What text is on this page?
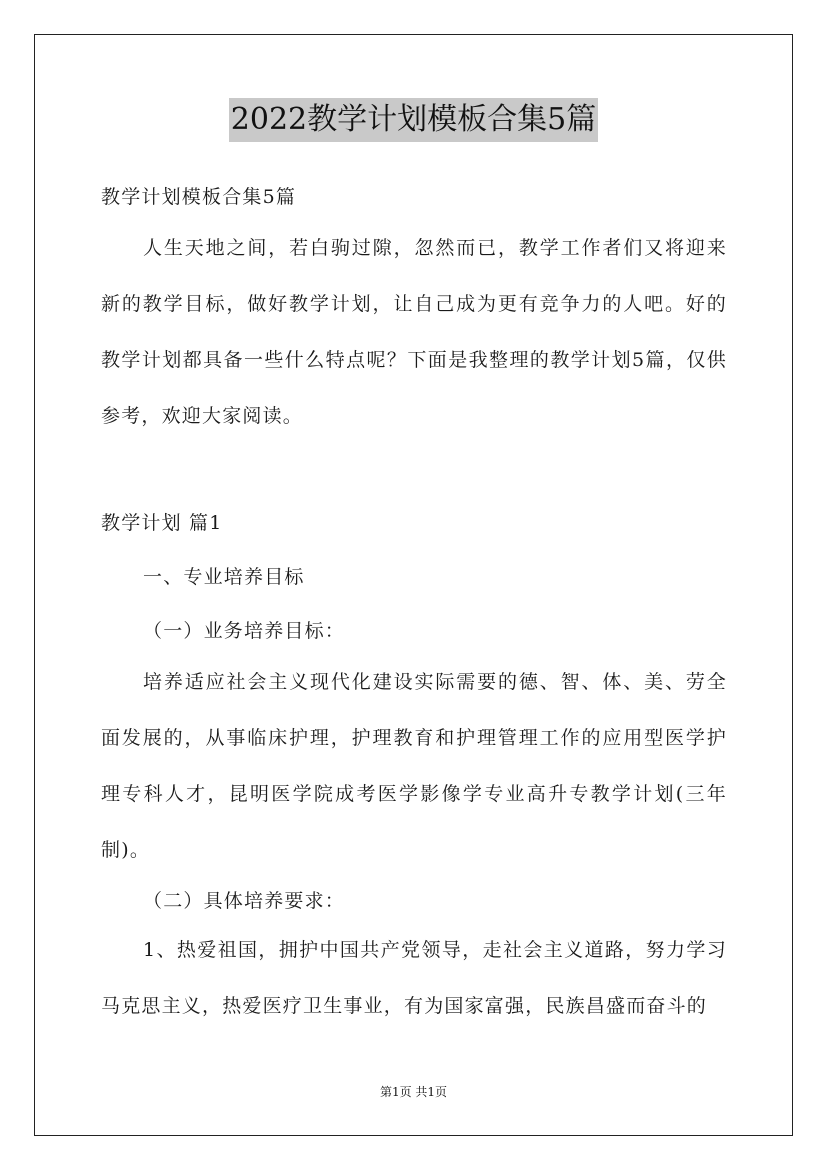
2022教学计划模板合集5篇
教学计划模板合集5篇
人生天地之间，若白驹过隙，忽然而已，教学工作者们又将迎来新的教学目标，做好教学计划，让自己成为更有竞争力的人吧。好的教学计划都具备一些什么特点呢？下面是我整理的教学计划5篇，仅供参考，欢迎大家阅读。
教学计划 篇1
一、专业培养目标
（一）业务培养目标：
培养适应社会主义现代化建设实际需要的德、智、体、美、劳全面发展的，从事临床护理，护理教育和护理管理工作的应用型医学护理专科人才，昆明医学院成考医学影像学专业高升专教学计划(三年制)。
（二）具体培养要求：
1、热爱祖国，拥护中国共产党领导，走社会主义道路，努力学习马克思主义，热爱医疗卫生事业，有为国家富强，民族昌盛而奋斗的
第1页 共1页
